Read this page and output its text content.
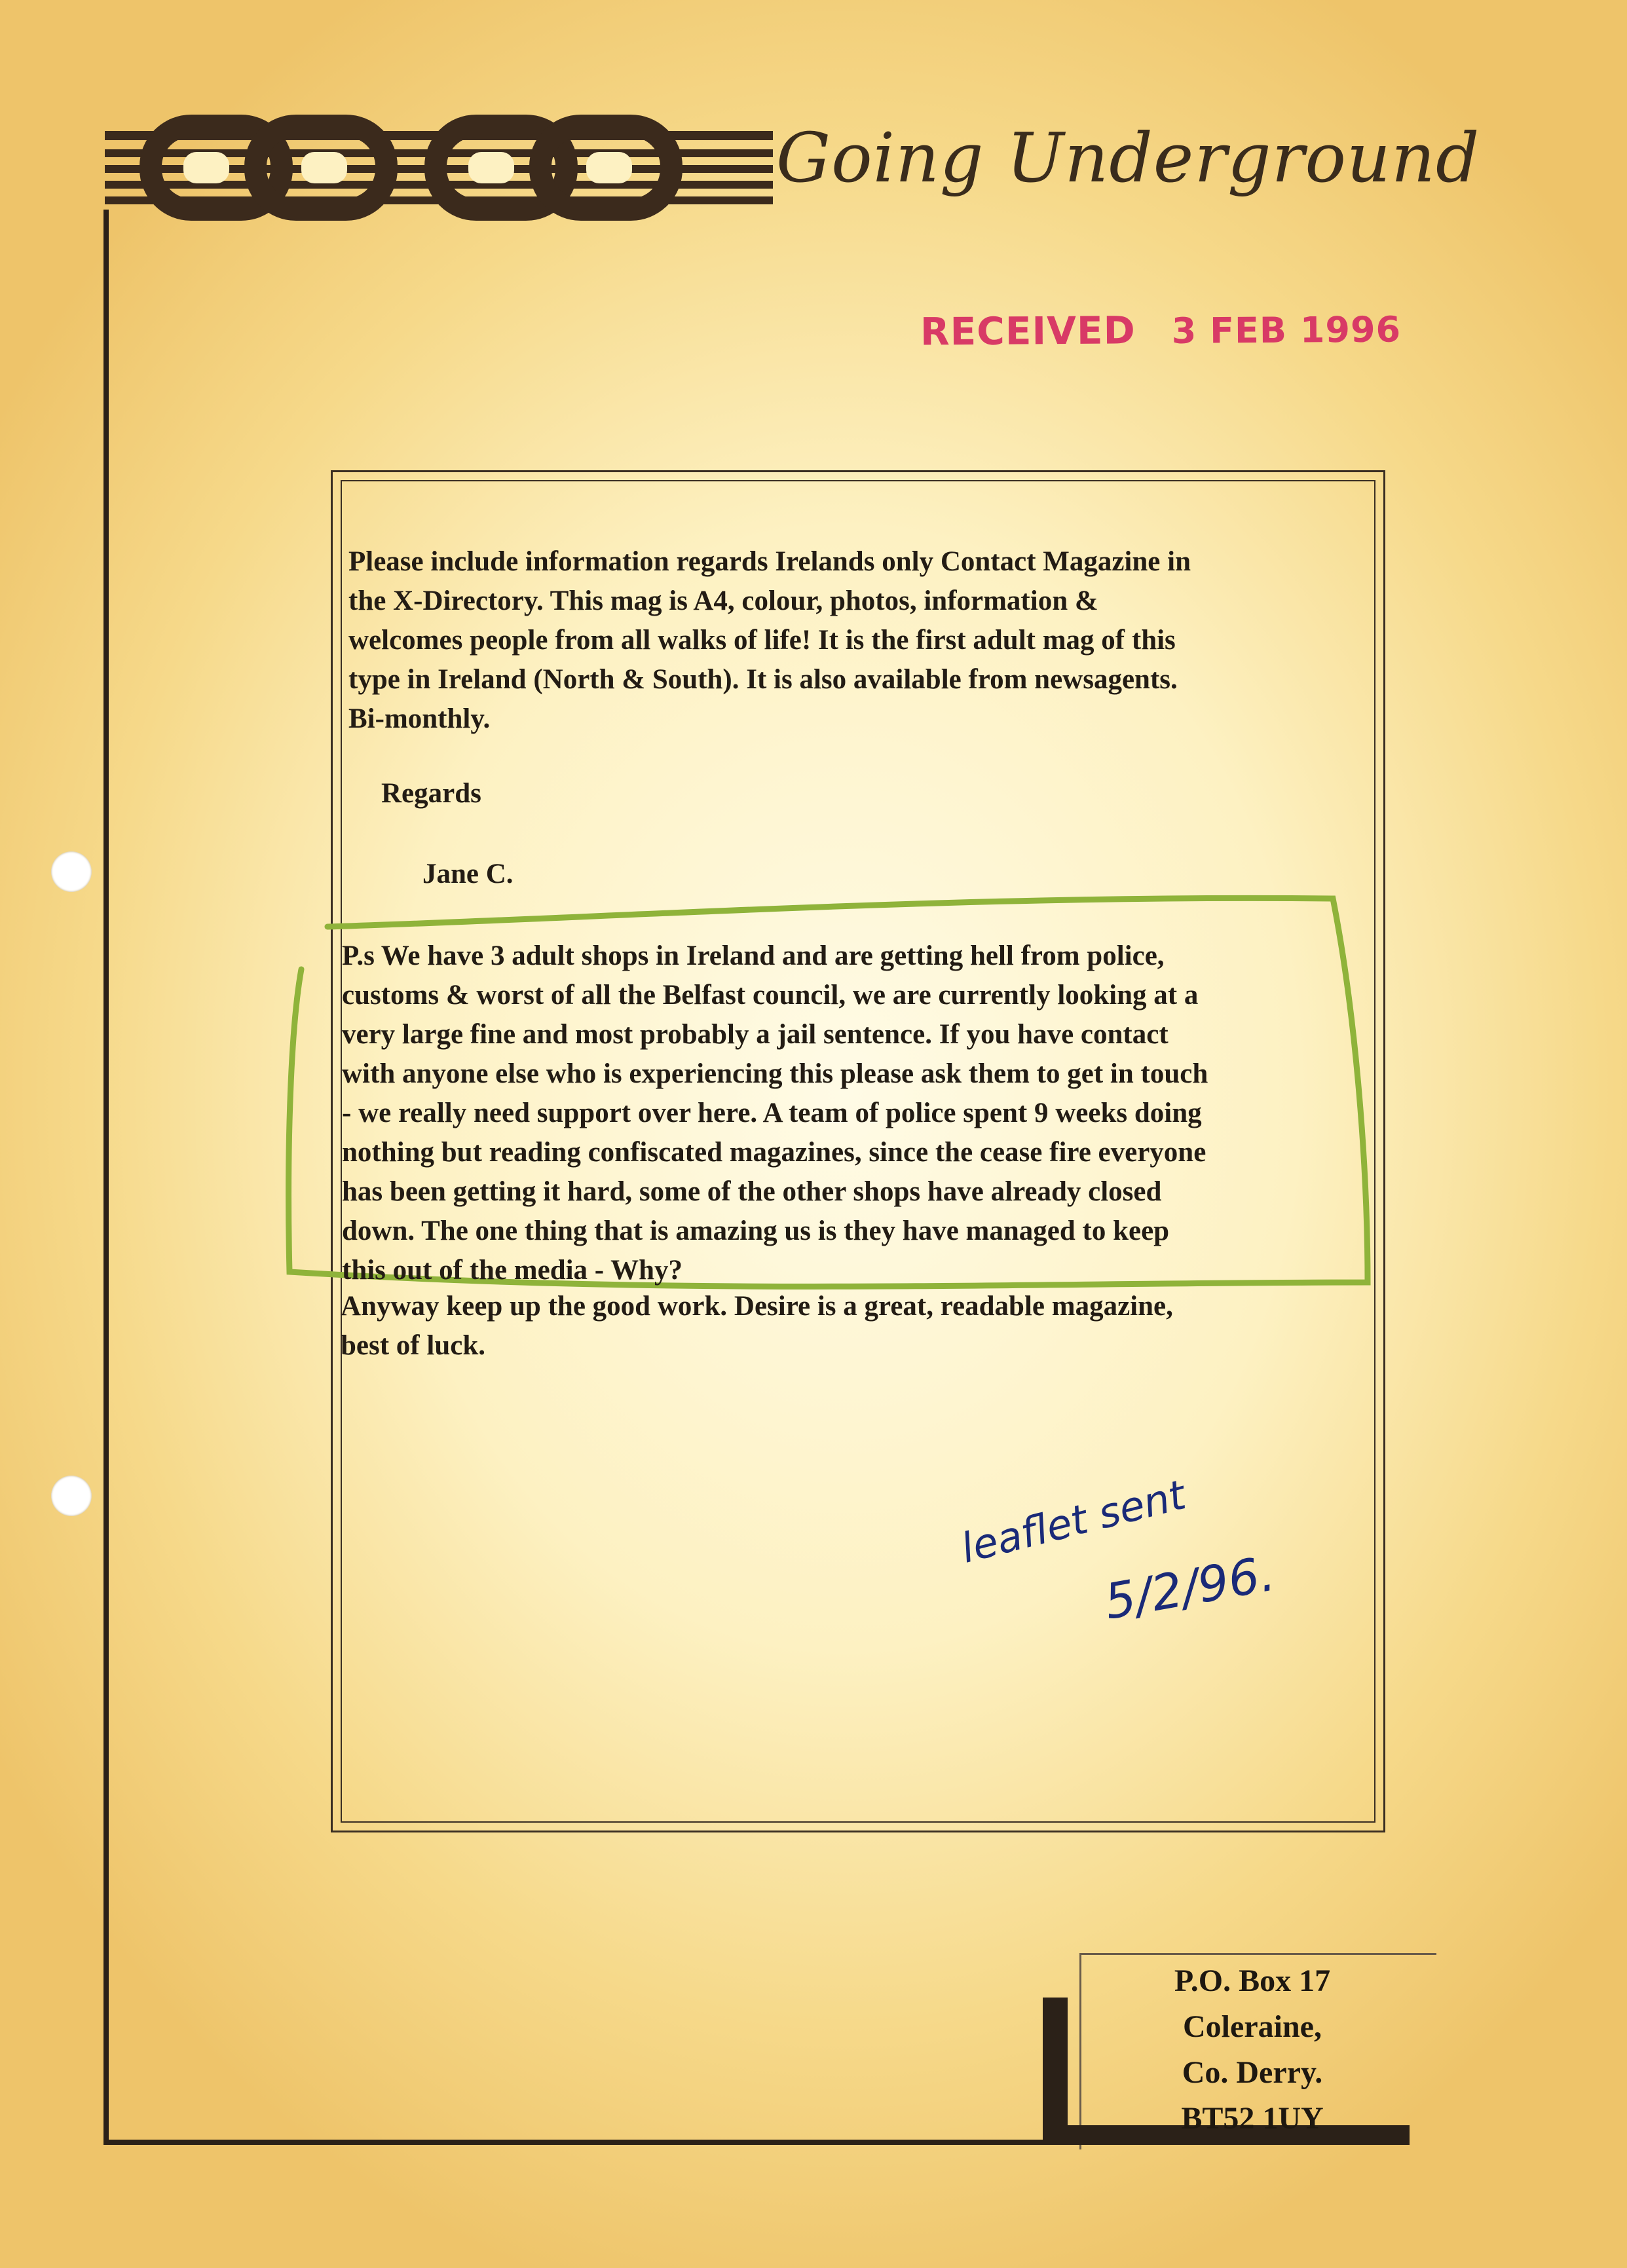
Going Underground
RECEIVED 3 FEB 1996
Please include information regards Irelands only Contact Magazine in
the X-Directory. This mag is A4, colour, photos, information &
welcomes people from all walks of life! It is the first adult mag of this
type in Ireland (North & South). It is also available from newsagents.
Bi-monthly.
Regards
Jane C.
P.s We have 3 adult shops in Ireland and are getting hell from police,
customs & worst of all the Belfast council, we are currently looking at a
very large fine and most probably a jail sentence. If you have contact
with anyone else who is experiencing this please ask them to get in touch
- we really need support over here. A team of police spent 9 weeks doing
nothing but reading confiscated magazines, since the cease fire everyone
has been getting it hard, some of the other shops have already closed
down. The one thing that is amazing us is they have managed to keep
this out of the media - Why?
Anyway keep up the good work. Desire is a great, readable magazine,
best of luck.
leaflet sent
5/2/96.
P.O. Box 17
Coleraine,
Co. Derry.
BT52 1UY
